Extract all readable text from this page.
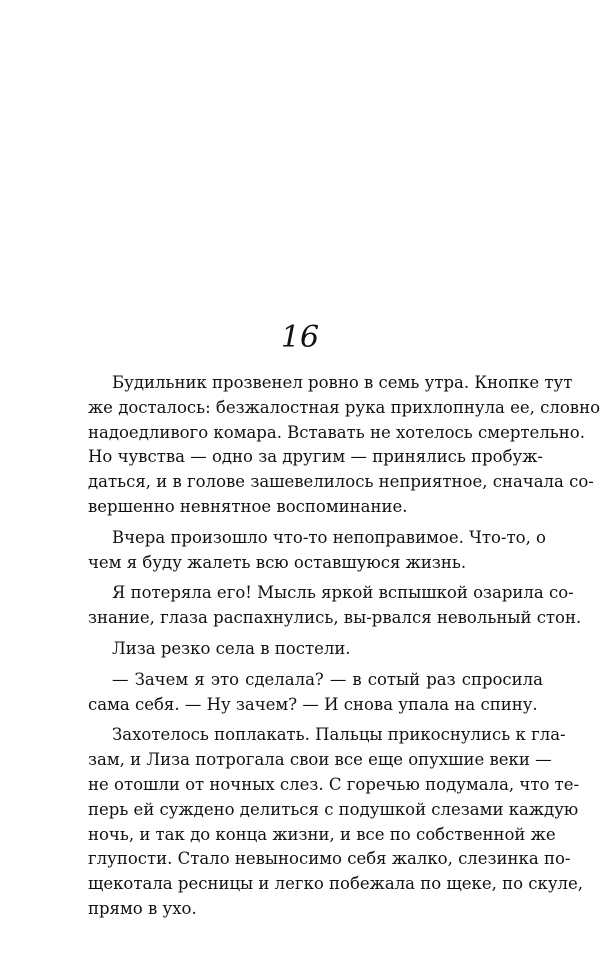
16
Будильник прозвенел ровно в семь утра. Кнопке тут
же досталось: безжалостная рука прихлопнула ее, словно
надоедливого комара. Вставать не хотелось смертельно.
Но чувства — одно за другим — принялись пробуж-
даться, и в голове зашевелилось неприятное, сначала со-
вершенно невнятное воспоминание.
Вчера произошло что-то непоправимое. Что-то, о
чем я буду жалеть всю оставшуюся жизнь.
Я потеряла его! Мысль яркой вспышкой озарила со-
знание, глаза распахнулись, вы-рвался невольный стон.
Лиза резко села в постели.
— Зачем я это сделала? — в сотый раз спросила
сама себя. — Ну зачем? — И снова упала на спину.
Захотелось поплакать. Пальцы прикоснулись к гла-
зам, и Лиза потрогала свои все еще опухшие веки —
не отошли от ночных слез. С горечью подумала, что те-
перь ей суждено делиться с подушкой слезами каждую
ночь, и так до конца жизни, и все по собственной же
глупости. Стало невыносимо себя жалко, слезинка по-
щекотала ресницы и легко побежала по щеке, по скуле,
прямо в ухо.
